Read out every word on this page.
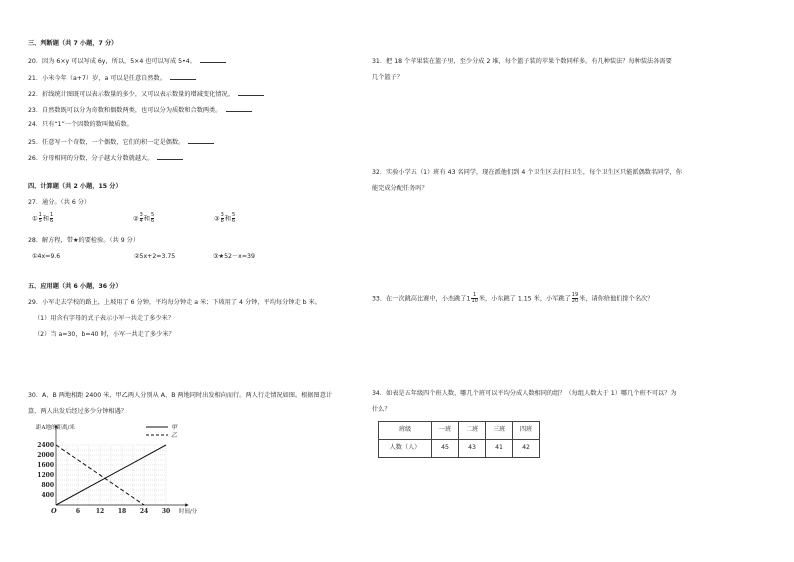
三、判断题（共 7 小题，7 分）
20．因为 6×y 可以写成 6y，所以，5×4 也可以写成 5•4。
21．小米今年（a+7）岁，a 可以是任意自然数。
22．折线统计图既可以表示数量的多少，又可以表示数量的增减变化情况。
23．自然数既可以分为奇数和偶数两类，也可以分为质数和合数两类。
24．只有“1”一个因数的数叫做质数。
25．任意写一个奇数，一个偶数，它们的积一定是偶数。
26．分母相同的分数，分子越大分数就越大。
四、计算题（共 2 小题，15 分）
27．通分。（共 6 分）
① $\frac{1}{5}$ 和 $\frac{1}{6}$	② $\frac{3}{4}$ 和 $\frac{5}{6}$	③ $\frac{3}{8}$ 和 $\frac{5}{6}$
28．解方程，带★的要检验。（共 9 分）
①4x=9.6	②5x+2=3.75	③★52－x=39
五、应用题（共 6 小题，36 分）
29．小军走去学校的路上，上坡用了 6 分钟，平均每分钟走 a 米；下坡用了 4 分钟，平均每分钟走 b 米。
（1）用含有字母的式子表示小军一共走了多少米？
（2）当 a=30，b=40 时，小军一共走了多少米？
30．A、B 两地相距 2400 米，甲乙两人分别从 A、B 两地同时出发相向而行。两人行走情况如图。根据图意计
算，两人出发后经过多少分钟相遇？
6	12 18 24 30
400
800
1200
1600
2000
2400
O
距A地的距离/米
时间/分
甲
乙
31．把 18 个苹果装在篮子里，至少分成 2 堆，每个篮子装的苹果个数同样多。有几种装法？每种装法各需要
几个篮子？
32．实验小学五（1）班有 43 名同学，现在派他们到 4 个卫生区去打扫卫生，每个卫生区只能派偶数名同学，你
能完成分配任务吗？
33．在一次跳高比赛中，小杰跳了$1 \frac{1}{10}$ 米，小东跳了 1.15 米，小军跳了 $\frac{19}{20}$ 米，请你给他们排个名次？
34．如表是五年级四个班人数，哪几个班可以平均分成人数相同的组？（每组人数大于 1）哪几个班不可以？为
什么？
班级	一班	二班	三班	四班
人数（人）	45	43	41	42
